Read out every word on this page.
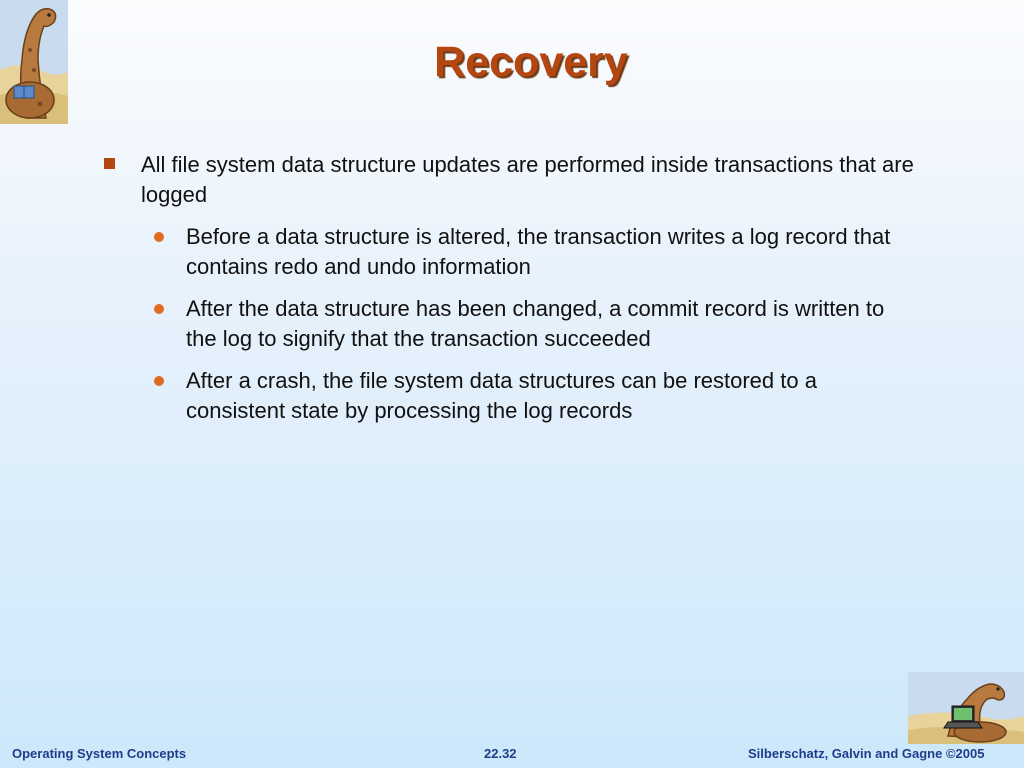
Recovery
All file system data structure updates are performed inside transactions that are logged
Before a data structure is altered, the transaction writes a log record that contains redo and undo information
After the data structure has been changed, a commit record is written to the log to signify that the transaction succeeded
After a crash, the file system data structures can be restored to a consistent state by processing the log records
Operating System Concepts	22.32	Silberschatz, Galvin and Gagne ©2005
